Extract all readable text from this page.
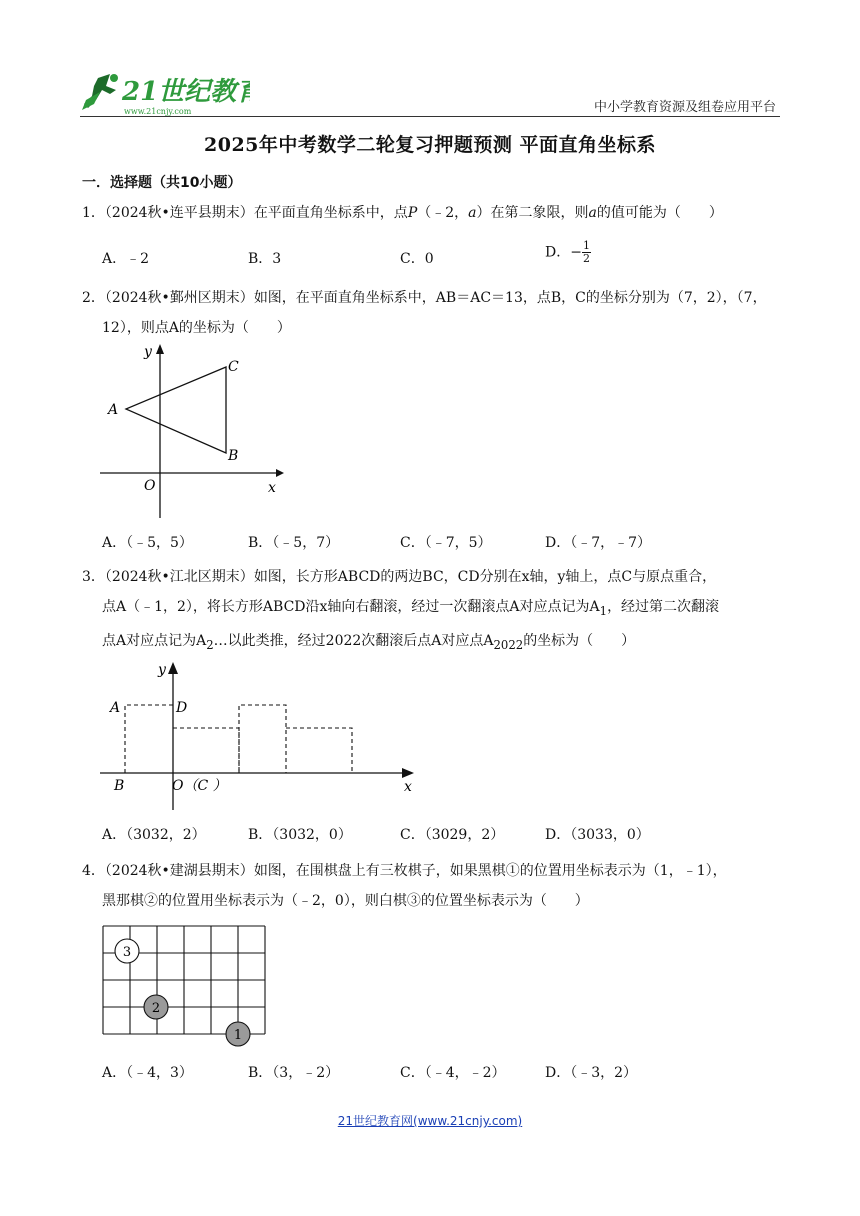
21世纪教育
www.21cnjy.com	中小学教育资源及组卷应用平台
2025年中考数学二轮复习押题预测 平面直角坐标系
一．选择题（共10小题）
1．（2024秋•连平县期末）在平面直角坐标系中，点P（﹣2，a）在第二象限，则a的值可能为（　　）
A．﹣2	B．3	C．0	D．− $\frac{1}{2}$
2．（2024秋•鄞州区期末）如图，在平面直角坐标系中，AB＝AC＝13，点B，C的坐标分别为（7，2），（7，
12），则点A的坐标为（　　）
y
x
O
A
B
C
A．（﹣5，5）	B．（﹣5，7）	C．（﹣7，5）	D．（﹣7，﹣7）
3．（2024秋•江北区期末）如图，长方形ABCD的两边BC，CD分别在x轴，y轴上，点C与原点重合，
点A（﹣1，2），将长方形ABCD沿x轴向右翻滚，经过一次翻滚点A对应点记为$A_1$，经过第二次翻滚
点A对应点记为$A_2\dots$以此类推，经过2022次翻滚后点A对应点$A_{2022}$的坐标为（　　）
y
x
A	D
B	O（C ）
A．（3032，2）	B．（3032，0）	C．（3029，2）	D．（3033，0）
4．（2024秋•建湖县期末）如图，在围棋盘上有三枚棋子，如果黑棋①的位置用坐标表示为（1，﹣1），
黑那棋②的位置用坐标表示为（﹣2，0），则白棋③的位置坐标表示为（　　）
3
2
1
A．（﹣4，3）	B．（3，﹣2）	C．（﹣4，﹣2）	D．（﹣3，2）
21世纪教育网(www.21cnjy.com)
